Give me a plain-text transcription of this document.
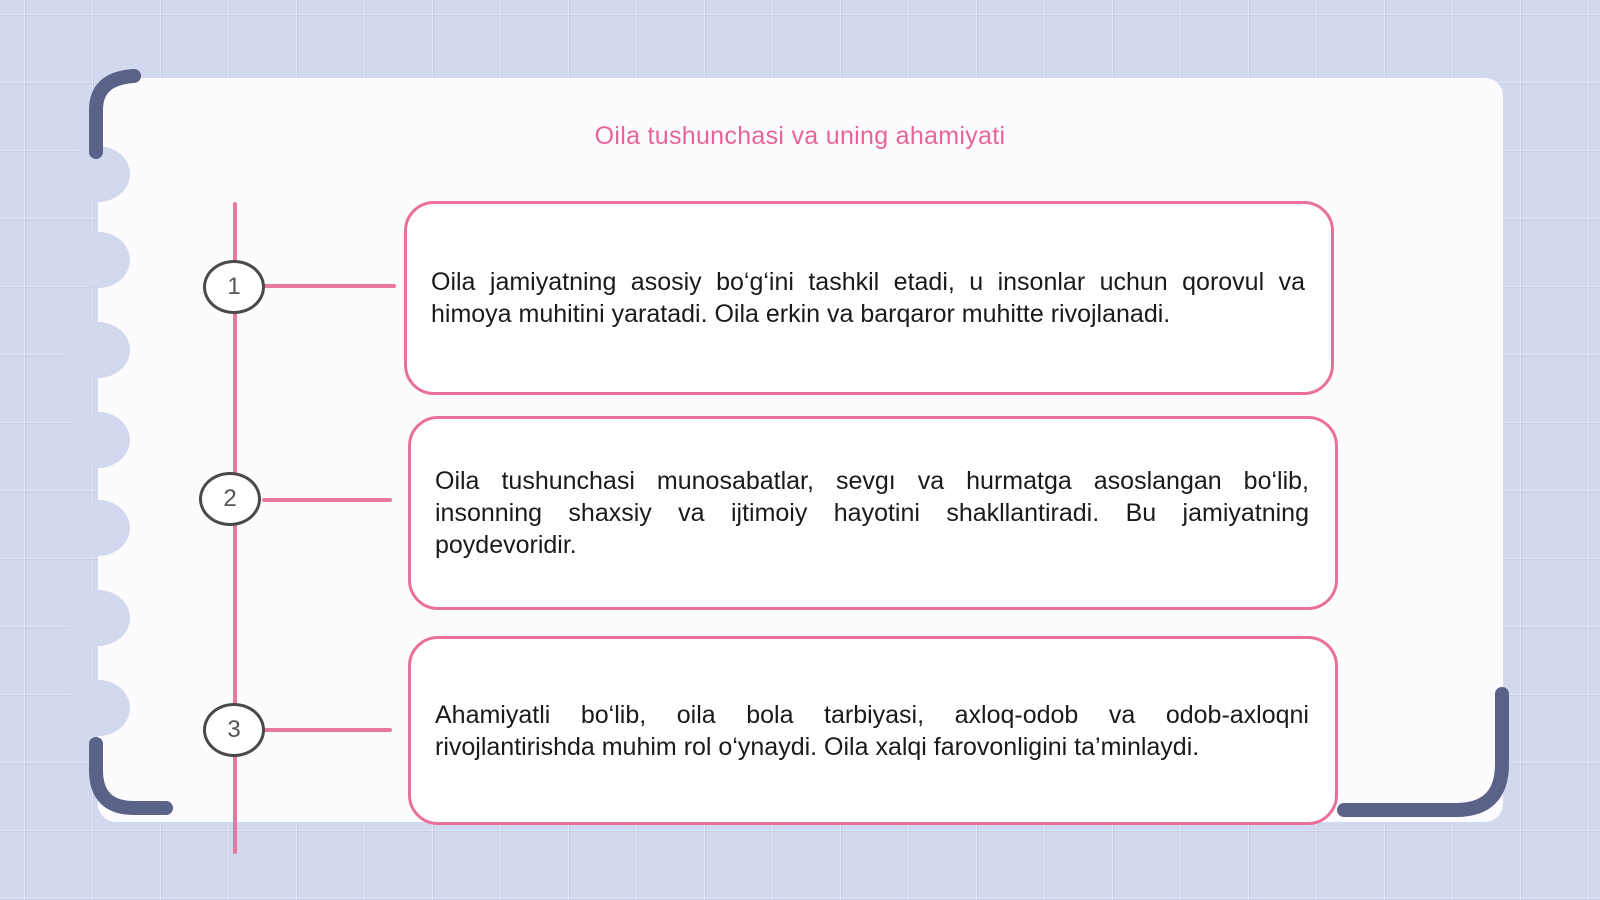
Oila tushunchasi va uning ahamiyati
1
2
3
Oila jamiyatning asosiy bo‘g‘ini tashkil etadi, u insonlar uchun qorovul va himoya muhitini yaratadi. Oila erkin va barqaror muhitte rivojlanadi.
Oila tushunchasi munosabatlar, sevgı va hurmatga asoslangan bo‘lib, insonning shaxsiy va ijtimoiy hayotini shakllantiradi. Bu jamiyatning poydevoridir.
Ahamiyatli bo‘lib, oila bola tarbiyasi, axloq-odob va odob-axloqni rivojlantirishda muhim rol o‘ynaydi. Oila xalqi farovonligini ta’minlaydi.
